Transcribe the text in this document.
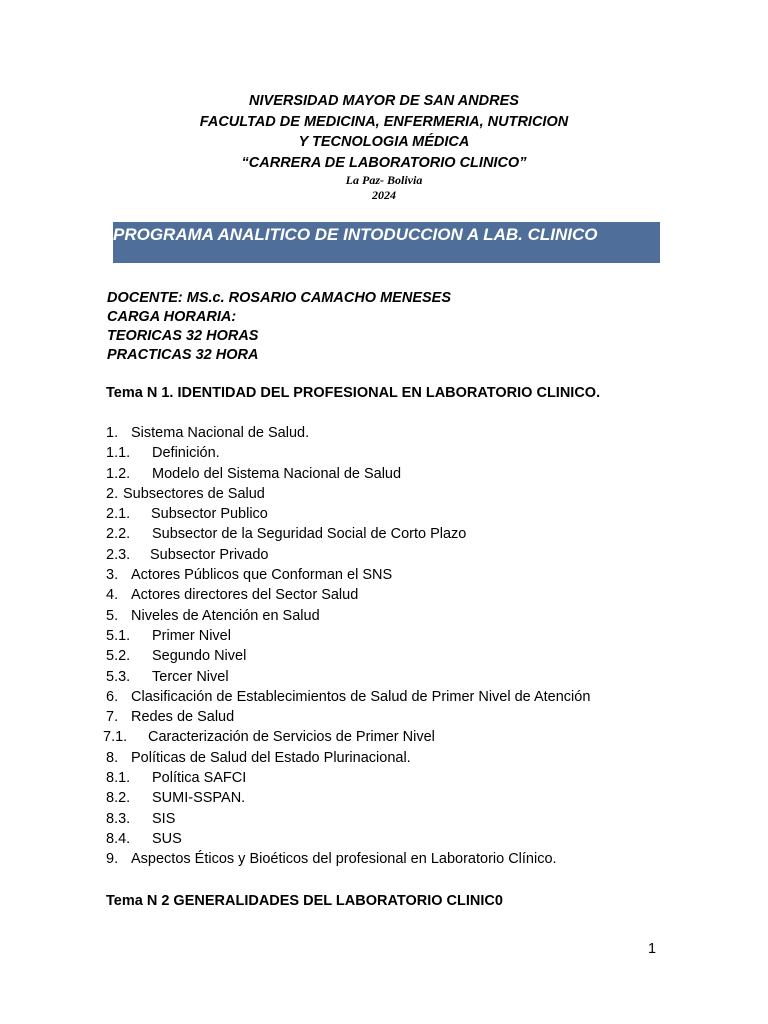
NIVERSIDAD MAYOR DE SAN ANDRES
FACULTAD DE MEDICINA, ENFERMERIA, NUTRICION
Y TECNOLOGIA MÉDICA
“CARRERA DE LABORATORIO CLINICO”
La Paz- Bolivia
2024
PROGRAMA ANALITICO DE INTODUCCION A LAB. CLINICO
DOCENTE: MS.c. ROSARIO CAMACHO MENESES
CARGA HORARIA:
TEORICAS 32 HORAS
PRACTICAS 32 HORA
Tema N 1. IDENTIDAD DEL PROFESIONAL EN LABORATORIO CLINICO.
1. Sistema Nacional de Salud.
1.1. Definición.
1.2. Modelo del Sistema Nacional de Salud
2. Subsectores de Salud
2.1. Subsector Publico
2.2. Subsector de la Seguridad Social de Corto Plazo
2.3. Subsector Privado
3. Actores Públicos que Conforman el SNS
4. Actores directores del Sector Salud
5. Niveles de Atención en Salud
5.1. Primer Nivel
5.2. Segundo Nivel
5.3. Tercer Nivel
6. Clasificación de Establecimientos de Salud de Primer Nivel de Atención
7. Redes de Salud
7.1. Caracterización de Servicios de Primer Nivel
8. Políticas de Salud del Estado Plurinacional.
8.1. Política SAFCI
8.2. SUMI-SSPAN.
8.3. SIS
8.4. SUS
9. Aspectos Éticos y Bioéticos del profesional en Laboratorio Clínico.
Tema N 2 GENERALIDADES DEL LABORATORIO CLINIC0
1
